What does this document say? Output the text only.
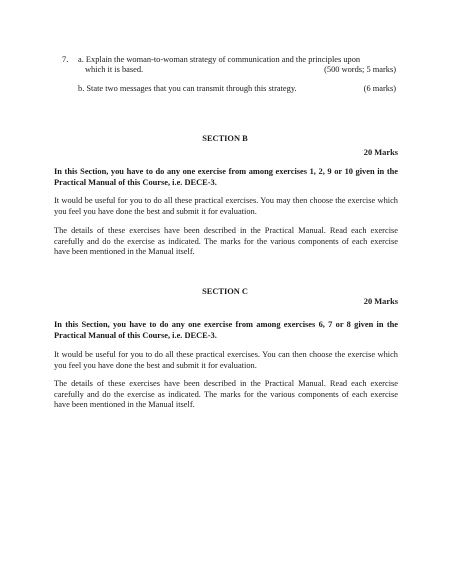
7. a. Explain the woman-to-woman strategy of communication and the principles upon
which it is based.	(500 words; 5 marks)
b. State two messages that you can transmit through this strategy.	(6 marks)
SECTION B
20 Marks
In this Section, you have to do any one exercise from among exercises 1, 2, 9 or 10 given in the Practical Manual of this Course, i.e. DECE-3.
It would be useful for you to do all these practical exercises. You may then choose the exercise which you feel you have done the best and submit it for evaluation.
The details of these exercises have been described in the Practical Manual. Read each exercise carefully and do the exercise as indicated. The marks for the various components of each exercise have been mentioned in the Manual itself.
SECTION C
20 Marks
In this Section, you have to do any one exercise from among exercises 6, 7 or 8 given in the Practical Manual of this Course, i.e. DECE-3.
It would be useful for you to do all these practical exercises. You can then choose the exercise which you feel you have done the best and submit it for evaluation.
The details of these exercises have been described in the Practical Manual. Read each exercise carefully and do the exercise as indicated. The marks for the various components of each exercise have been mentioned in the Manual itself.
